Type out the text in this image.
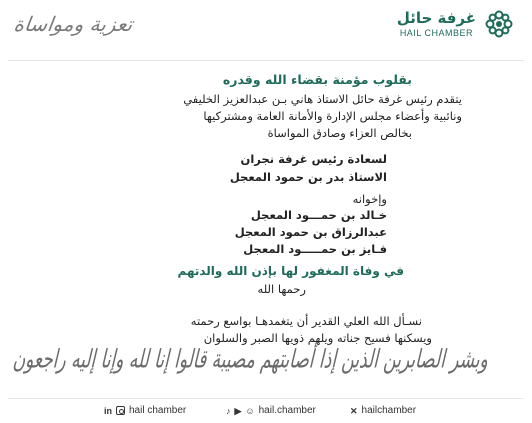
تعزية ومواساة	غرفة حائل
HAIL CHAMBER
بقلوب مؤمنة بقضاء الله وقدره
يتقدم رئيس غرفة حائل الاستاذ هاني بـن عبدالعزيز الخليفي
ونائبية وأعضاء مجلس الإدارة والأمانة العامة ومشتركيها
بخالص العزاء وصادق المواساة
لسعادة رئيس غرفة نجران
الاستاذ بدر بن حمود المعجل
وإخوانه
خـالد بن حمـــود المعجل
عبدالرزاق بن حمود المعجل
فـايز بن حمـــــود المعجل
في وفاة المغفور لها بإذن الله والدتهم
رحمها الله
نسـأل الله العلي القدير أن يتغمدهـا بواسع رحمته
ويسكنها فسيح جناته ويلهم ذويها الصبر والسلوان
وبشر الصابرين الذين إذا أصابتهم مصيبة قالوا إنا لله وإنا إليه راجعون
in hail chamber	♪ ▶ ☺ hail.chamber	✕ hailchamber
